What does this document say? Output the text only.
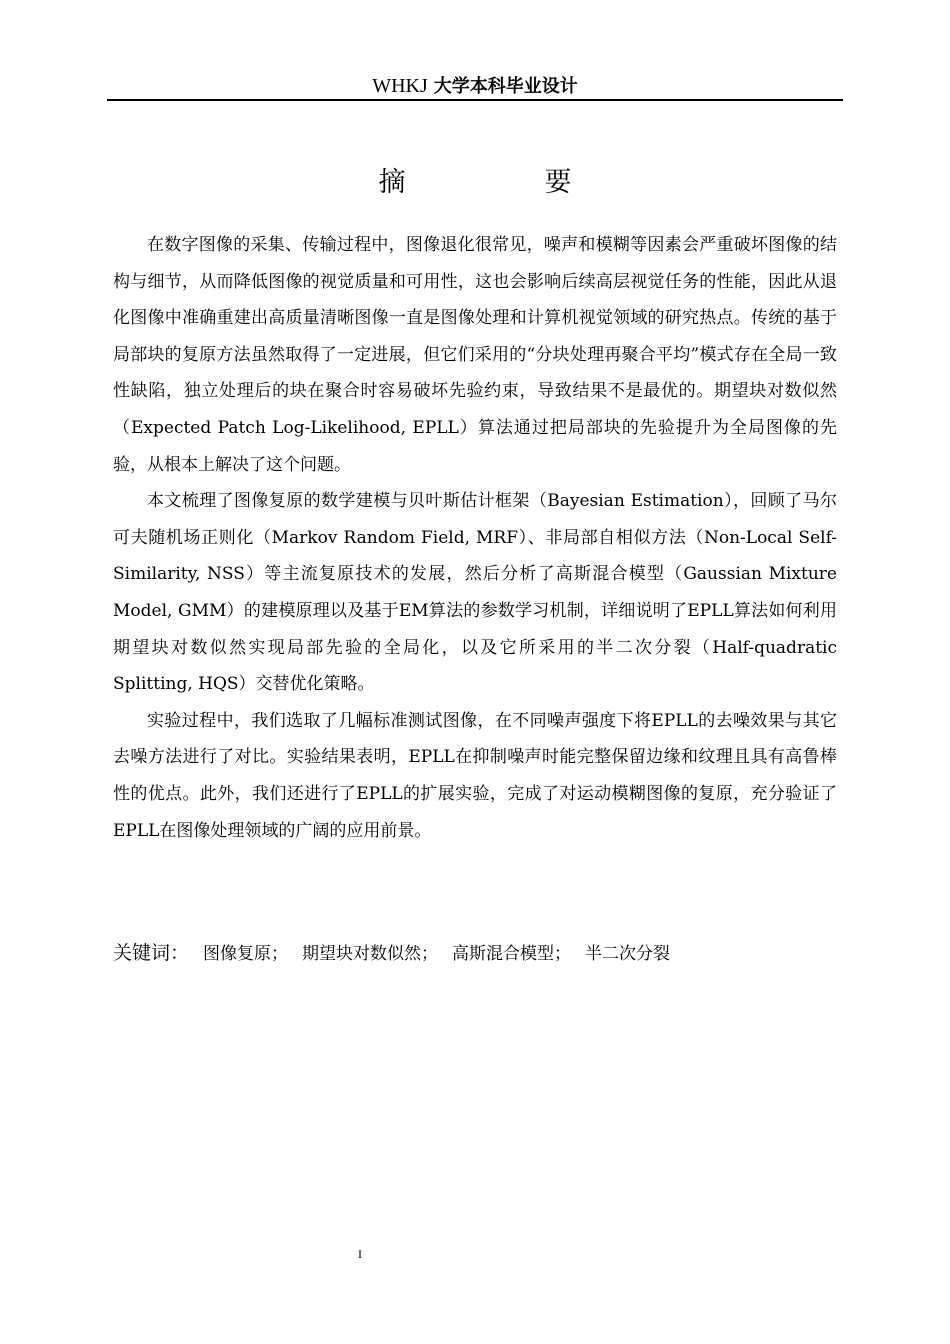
WHKJ 大学本科毕业设计
摘　要

在数字图像的采集、传输过程中，图像退化很常见，噪声和模糊等因素会严重破坏图像的结构与细节，从而降低图像的视觉质量和可用性，这也会影响后续高层视觉任务的性能，因此从退化图像中准确重建出高质量清晰图像一直是图像处理和计算机视觉领域的研究热点。传统的基于局部块的复原方法虽然取得了一定进展，但它们采用的“分块处理再聚合平均”模式存在全局一致性缺陷，独立处理后的块在聚合时容易破坏先验约束，导致结果不是最优的。期望块对数似然（Expected Patch Log-Likelihood, EPLL）算法通过把局部块的先验提升为全局图像的先验，从根本上解决了这个问题。

本文梳理了图像复原的数学建模与贝叶斯估计框架（Bayesian Estimation），回顾了马尔可夫随机场正则化（Markov Random Field, MRF）、非局部自相似方法（Non-Local Self-Similarity, NSS）等主流复原技术的发展，然后分析了高斯混合模型（Gaussian Mixture Model, GMM）的建模原理以及基于EM算法的参数学习机制，详细说明了EPLL算法如何利用期望块对数似然实现局部先验的全局化，以及它所采用的半二次分裂（Half-quadratic Splitting, HQS）交替优化策略。

实验过程中，我们选取了几幅标准测试图像，在不同噪声强度下将EPLL的去噪效果与其它去噪方法进行了对比。实验结果表明，EPLL在抑制噪声时能完整保留边缘和纹理且具有高鲁棒性的优点。此外，我们还进行了EPLL的扩展实验，完成了对运动模糊图像的复原，充分验证了EPLL在图像处理领域的广阔的应用前景。

关键词： 图像复原； 期望块对数似然； 高斯混合模型； 半二次分裂
I
